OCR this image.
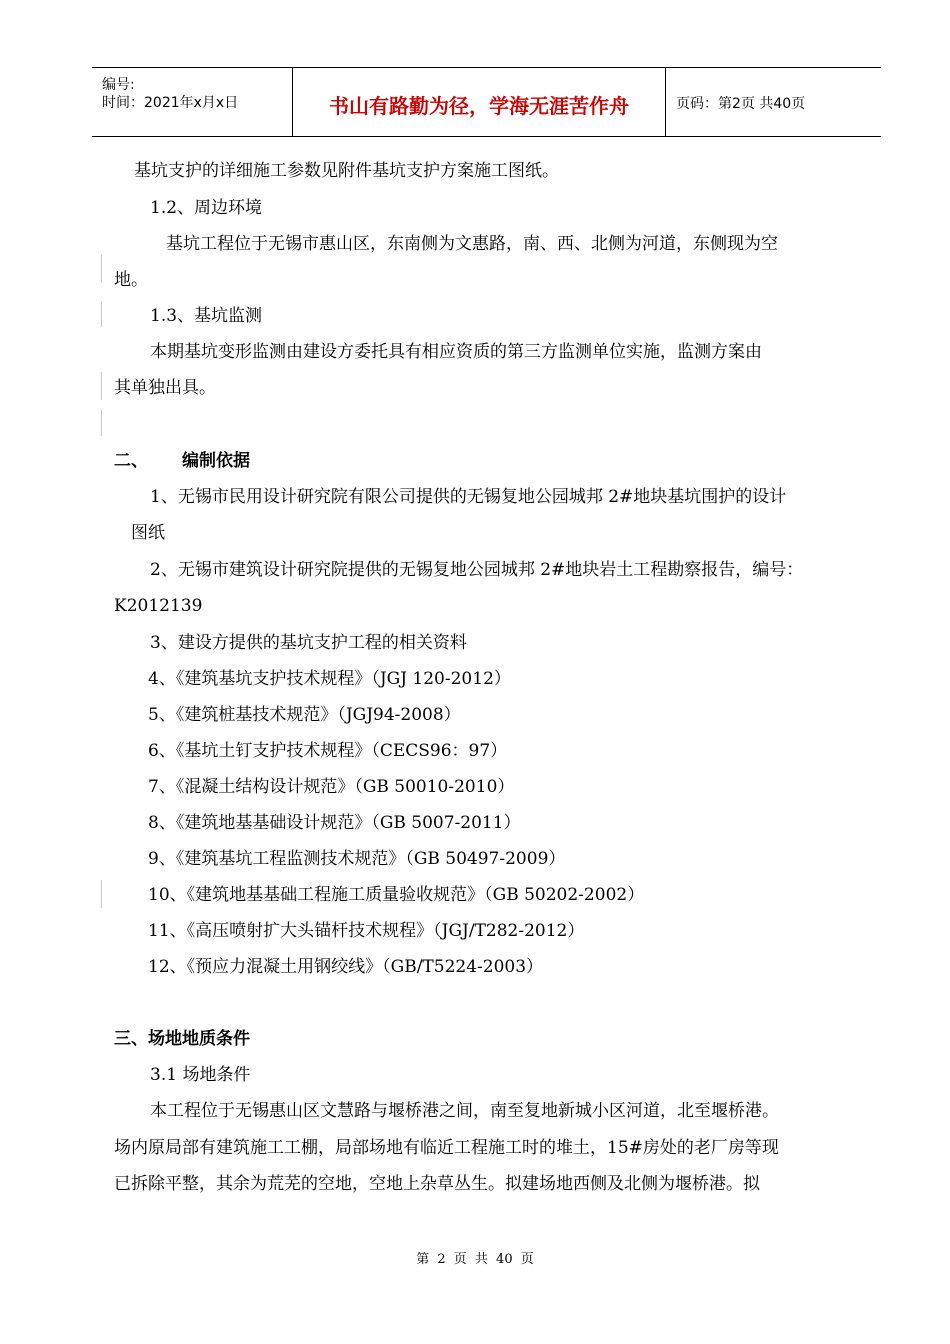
编号:
时间：2021年x月x日	书山有路勤为径，学海无涯苦作舟	页码：第2页 共40页
基坑支护的详细施工参数见附件基坑支护方案施工图纸。
1.2、周边环境
基坑工程位于无锡市惠山区，东南侧为文惠路，南、西、北侧为河道，东侧现为空
地。
1.3、基坑监测
本期基坑变形监测由建设方委托具有相应资质的第三方监测单位实施，监测方案由
其单独出具。
二、 编制依据
1、无锡市民用设计研究院有限公司提供的无锡复地公园城邦 2#地块基坑围护的设计
图纸
2、无锡市建筑设计研究院提供的无锡复地公园城邦 2#地块岩土工程勘察报告，编号：
K2012139
3、建设方提供的基坑支护工程的相关资料
4、《建筑基坑支护技术规程》（JGJ 120-2012）
5、《建筑桩基技术规范》（JGJ94-2008）
6、《基坑土钉支护技术规程》（CECS96：97）
7、《混凝土结构设计规范》（GB 50010-2010）
8、《建筑地基基础设计规范》（GB 5007-2011）
9、《建筑基坑工程监测技术规范》（GB 50497-2009）
10、《建筑地基基础工程施工质量验收规范》（GB 50202-2002）
11、《高压喷射扩大头锚杆技术规程》（JGJ/T282-2012）
12、《预应力混凝土用钢绞线》（GB/T5224-2003）
三、场地地质条件
3.1 场地条件
本工程位于无锡惠山区文慧路与堰桥港之间，南至复地新城小区河道，北至堰桥港。
场内原局部有建筑施工工棚，局部场地有临近工程施工时的堆土，15#房处的老厂房等现
已拆除平整，其余为荒芜的空地，空地上杂草丛生。拟建场地西侧及北侧为堰桥港。拟
第 2 页 共 40 页
